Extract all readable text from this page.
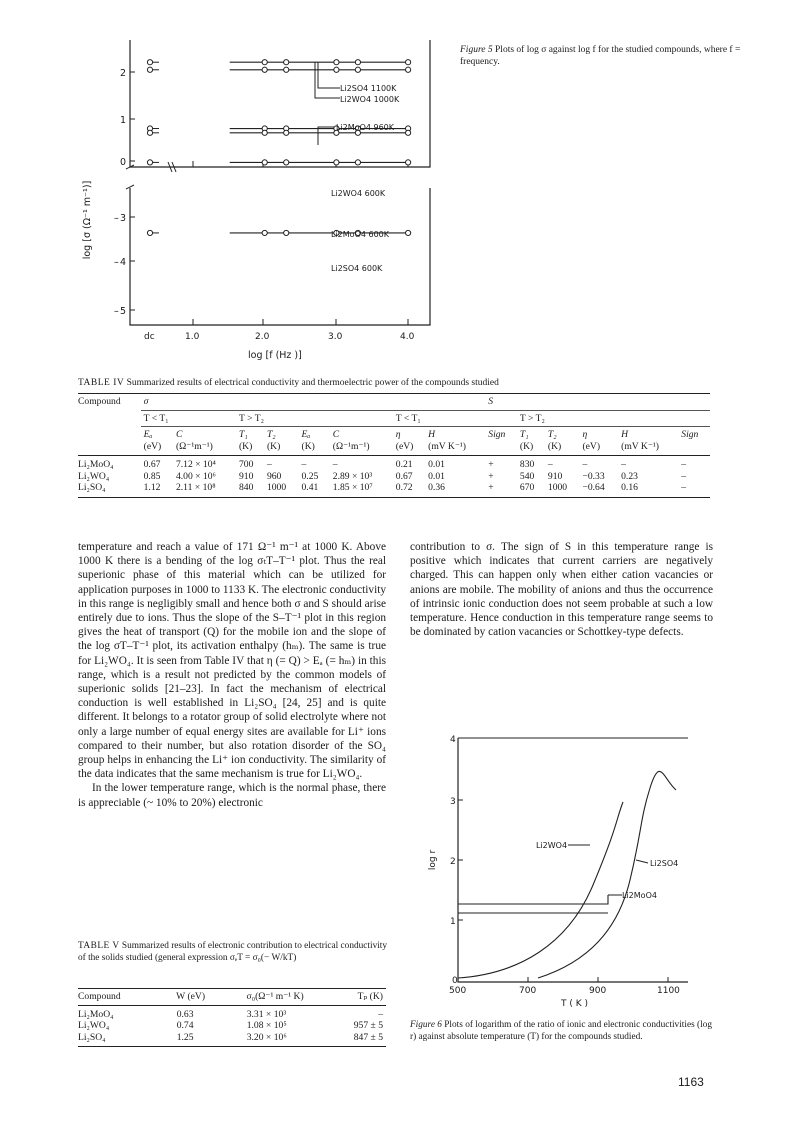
log [σ (Ω⁻¹ m⁻¹)]
2
1
0
– 3
– 4
– 5
dc	1.0	2.0	3.0	4.0
log [f (Hz )]
Li2SO4 1100K
Li2WO4 1000K
Li2MoO4 960K
Li2WO4 600K
Li2MoO4 600K
Li2SO4 600K
Figure 5 Plots of log σ against log f for the studied compounds, where f = frequency.
TABLE IV Summarized results of electrical conductivity and thermoelectric power of the compounds studied
Compound	σ								S					

	T < T₁		T > T₂				T < T₁			T > T₂				

	Eₐ	C	T₁	T₂	Eₐ	C	η	H	Sign	T₁	T₂	η	H	Sign
	(eV)	(Ω⁻¹m⁻¹)	(K)	(K)	(K)	(Ω⁻¹m⁻¹)	(eV)	(mV K⁻¹)		(K)	(K)	(eV)	(mV K⁻¹)	

Li₂MoO₄	0.67	7.12 × 10⁴	700	–	–	–	0.21	0.01	+	830	–	–	–	–
Li₂WO₄	0.85	4.00 × 10⁶	910	960	0.25	2.89 × 10³	0.67	0.01	+	540	910	−0.33	0.23	–
Li₂SO₄	1.12	2.11 × 10⁸	840	1000	0.41	1.85 × 10⁷	0.72	0.36	+	670	1000	−0.64	0.16	–

temperature and reach a value of 171 Ω⁻¹ m⁻¹ at 1000 K. Above 1000 K there is a bending of the log σₜT–T⁻¹ plot. Thus the real superionic phase of this material which can be utilized for application purposes in 1000 to 1133 K. The electronic conductivity in this range is negligibly small and hence both σ and S should arise entirely due to ions. Thus the slope of the S–T⁻¹ plot in this region gives the heat of transport (Q) for the mobile ion and the slope of the log σT–T⁻¹ plot, its activation enthalpy (hₘ). The same is true for Li₂WO₄. It is seen from Table IV that η (= Q) > Eₐ (= hₘ) in this range, which is a result not predicted by the common models of superionic solids [21–23]. In fact the mechanism of electrical conduction is well established in Li₂SO₄ [24, 25] and is quite different. It belongs to a rotator group of solid electrolyte where not only a large number of equal energy sites are available for Li⁺ ions compared to their number, but also rotation disorder of the SO₄ group helps in enhancing the Li⁺ ion conductivity. The similarity of the data indicates that the same mechanism is true for Li₂WO₄.

In the lower temperature range, which is the normal phase, there is appreciable (~ 10% to 20%) electronic

contribution to σ. The sign of S in this temperature range is positive which indicates that current carriers are negatively charged. This can happen only when either cation vacancies or anions are mobile. The mobility of anions and thus the occurrence of intrinsic ionic conduction does not seem probable at such a low temperature. Hence conduction in this temperature range seems to be dominated by cation vacancies or Schottkey-type defects.

TABLE V Summarized results of electronic contribution to electrical conductivity of the solids studied (general expression σₑT = σ₀(− W/kT)
Compound	W (eV)	σ₀(Ω⁻¹ m⁻¹ K)	Tₚ (K)
Li₂MoO₄	0.63	3.31 × 10³	–
Li₂WO₄	0.74	1.08 × 10⁵	957 ± 5
Li₂SO₄	1.25	3.20 × 10⁶	847 ± 5
4
3
2
1
0
log r
500	700	900	1100
T ( K )
Li2WO4
Li2SO4
Li2MoO4
Figure 6 Plots of logarithm of the ratio of ionic and electronic conductivities (log r) against absolute temperature (T) for the compounds studied.
1163
